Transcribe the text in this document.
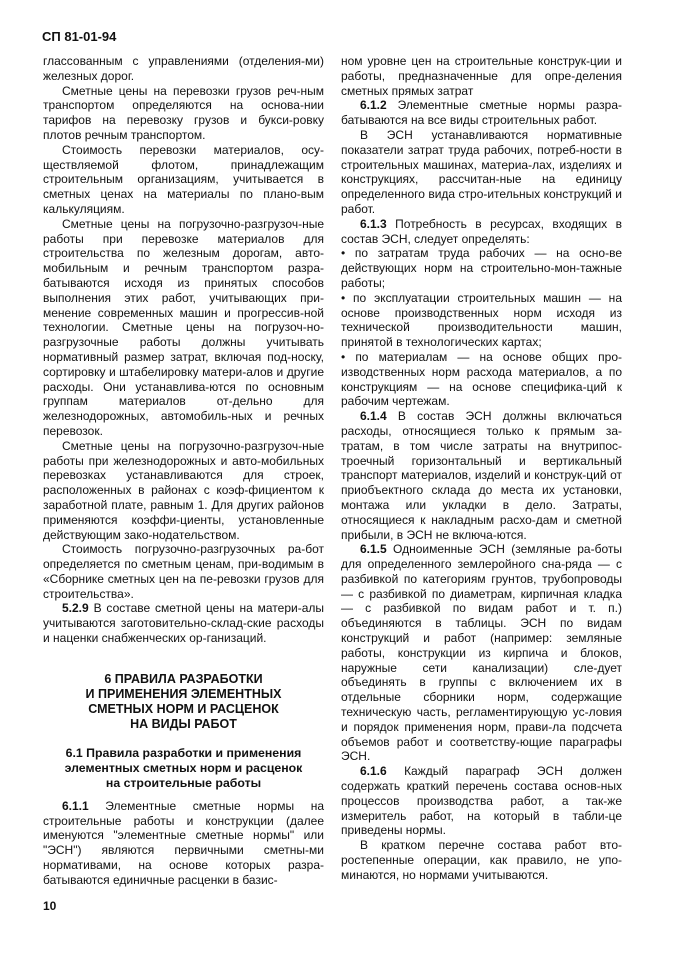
СП 81-01-94

глассованным с управлениями (отделения-ми) железных дорог.

Сметные цены на перевозки грузов реч-ным транспортом определяются на основа-нии тарифов на перевозку грузов и букси-ровку плотов речным транспортом.

Стоимость перевозки материалов, осу-ществляемой флотом, принадлежащим строительным организациям, учитывается в сметных ценах на материалы по плано-вым калькуляциям.

Сметные цены на погрузочно-разгрузоч-ные работы при перевозке материалов для строительства по железным дорогам, авто-мобильным и речным транспортом разра-батываются исходя из принятых способов выполнения этих работ, учитывающих при-менение современных машин и прогрессив-ной технологии. Сметные цены на погрузоч-но-разгрузочные работы должны учитывать нормативный размер затрат, включая под-носку, сортировку и штабелировку матери-алов и другие расходы. Они устанавлива-ются по основным группам материалов от-дельно для железнодорожных, автомобиль-ных и речных перевозок.

Сметные цены на погрузочно-разгрузоч-ные работы при железнодорожных и авто-мобильных перевозках устанавливаются для строек, расположенных в районах с коэф-фициентом к заработной плате, равным 1. Для других районов применяются коэффи-циенты, установленные действующим зако-нодательством.

Стоимость погрузочно-разгрузочных ра-бот определяется по сметным ценам, при-водимым в «Сборнике сметных цен на пе-ревозки грузов для строительства».

5.2.9 В составе сметной цены на матери-алы учитываются заготовительно-склад-ские расходы и наценки снабженческих ор-ганизаций.

6 ПРАВИЛА РАЗРАБОТКИ
И ПРИМЕНЕНИЯ ЭЛЕМЕНТНЫХ
СМЕТНЫХ НОРМ И РАСЦЕНОК
НА ВИДЫ РАБОТ
6.1 Правила разработки и применения
элементных сметных норм и расценок
на строительные работы

6.1.1 Элементные сметные нормы на строительные работы и конструкции (далее именуются "элементные сметные нормы" или "ЭСН") являются первичными сметны-ми нормативами, на основе которых разра-батываются единичные расценки в базис-

ном уровне цен на строительные конструк-ции и работы, предназначенные для опре-деления сметных прямых затрат

6.1.2 Элементные сметные нормы разра-батываются на все виды строительных работ.

В ЭСН устанавливаются нормативные показатели затрат труда рабочих, потреб-ности в строительных машинах, материа-лах, изделиях и конструкциях, рассчитан-ные на единицу определенного вида стро-ительных конструкций и работ.

6.1.3 Потребность в ресурсах, входящих в состав ЭСН, следует определять:

• по затратам труда рабочих — на осно-ве действующих норм на строительно-мон-тажные работы;

• по эксплуатации строительных машин — на основе производственных норм исходя из технической производительности машин, принятой в технологических картах;

• по материалам — на основе общих про-изводственных норм расхода материалов, а по конструкциям — на основе специфика-ций к рабочим чертежам.

6.1.4 В состав ЭСН должны включаться расходы, относящиеся только к прямым за-тратам, в том числе затраты на внутрипос-троечный горизонтальный и вертикальный транспорт материалов, изделий и конструк-ций от приобъектного склада до места их установки, монтажа или укладки в дело. Затраты, относящиеся к накладным расхо-дам и сметной прибыли, в ЭСН не включа-ются.

6.1.5 Одноименные ЭСН (земляные ра-боты для определенного землеройного сна-ряда — с разбивкой по категориям грунтов, трубопроводы — с разбивкой по диаметрам, кирпичная кладка — с разбивкой по видам работ и т. п.) объединяются в таблицы. ЭСН по видам конструкций и работ (например: земляные работы, конструкции из кирпича и блоков, наружные сети канализации) сле-дует объединять в группы с включением их в отдельные сборники норм, содержащие техническую часть, регламентирующую ус-ловия и порядок применения норм, прави-ла подсчета объемов работ и соответству-ющие параграфы ЭСН.

6.1.6 Каждый параграф ЭСН должен содержать краткий перечень состава основ-ных процессов производства работ, а так-же измеритель работ, на который в табли-це приведены нормы.

В кратком перечне состава работ вто-ростепенные операции, как правило, не упо-минаются, но нормами учитываются.

10
